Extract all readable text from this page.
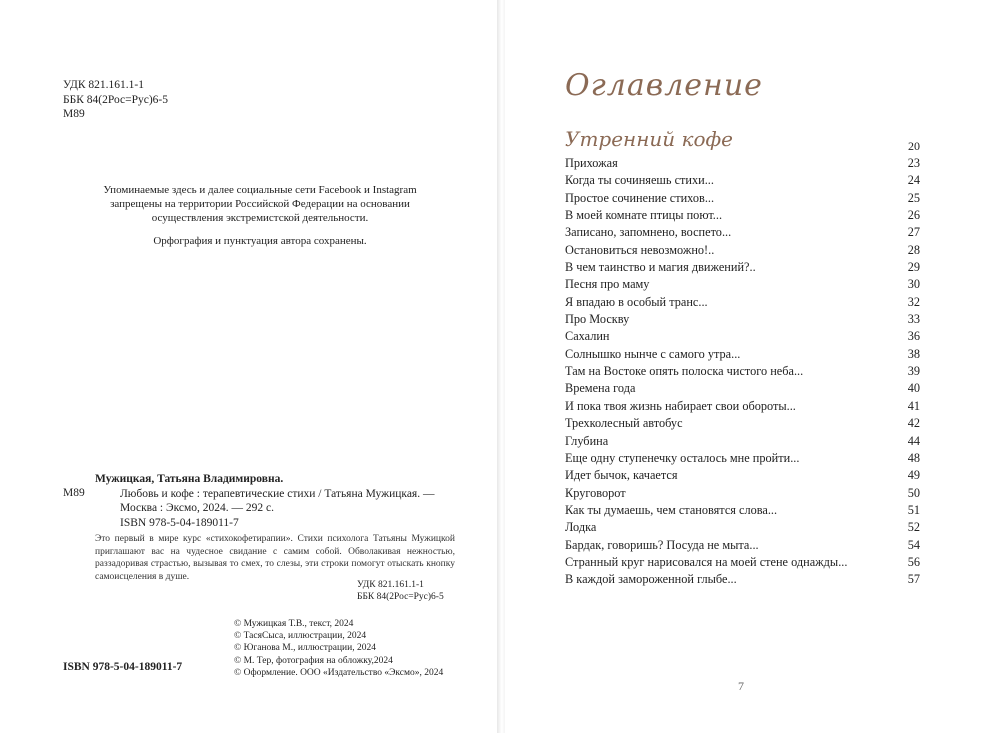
УДК 821.161.1-1
ББК 84(2Рос=Рус)6-5
М89

Упоминаемые здесь и далее социальные сети Facebook и Instagram запрещены на территории Российской Федерации на основании осуществления экстремистской деятельности.

Орфография и пунктуация автора сохранены.

М89
Мужицкая, Татьяна Владимировна.
Любовь и кофе : терапевтические стихи / Татьяна Мужицкая. — Москва : Эксмо, 2024. — 292 с.
ISBN 978-5-04-189011-7
Это первый в мире курс «стихокофетирапии». Стихи психолога Татьяны Мужицкой приглашают вас на чудесное свидание с самим собой. Обволакивая нежностью, раззадоривая страстью, вызывая то смех, то слезы, эти строки помогут отыскать кнопку самоисцеления в душе.
УДК 821.161.1-1
ББК 84(2Рос=Рус)6-5
© Мужицкая Т.В., текст, 2024
© ТасяСыса, иллюстрации, 2024
© Юганова М., иллюстрации, 2024
© М. Тер, фотография на обложку,2024
© Оформление. ООО «Издательство «Эксмо», 2024
ISBN 978-5-04-189011-7
Оглавление
Утренний кофе	20
Прихожая	23
Когда ты сочиняешь стихи...	24
Простое сочинение стихов...	25
В моей комнате птицы поют...	26
Записано, запомнено, воспето...	27
Остановиться невозможно!..	28
В чем таинство и магия движений?..	29
Песня про маму	30
Я впадаю в особый транс...	32
Про Москву	33
Сахалин	36
Солнышко нынче с самого утра...	38
Там на Востоке опять полоска чистого неба...	39
Времена года	40
И пока твоя жизнь набирает свои обороты...	41
Трехколесный автобус	42
Глубина	44
Еще одну ступенечку осталось мне пройти...	48
Идет бычок, качается	49
Круговорот	50
Как ты думаешь, чем становятся слова...	51
Лодка	52
Бардак, говоришь? Посуда не мыта...	54
Странный круг нарисовался на моей стене однажды...	56
В каждой замороженной глыбе...	57
7
